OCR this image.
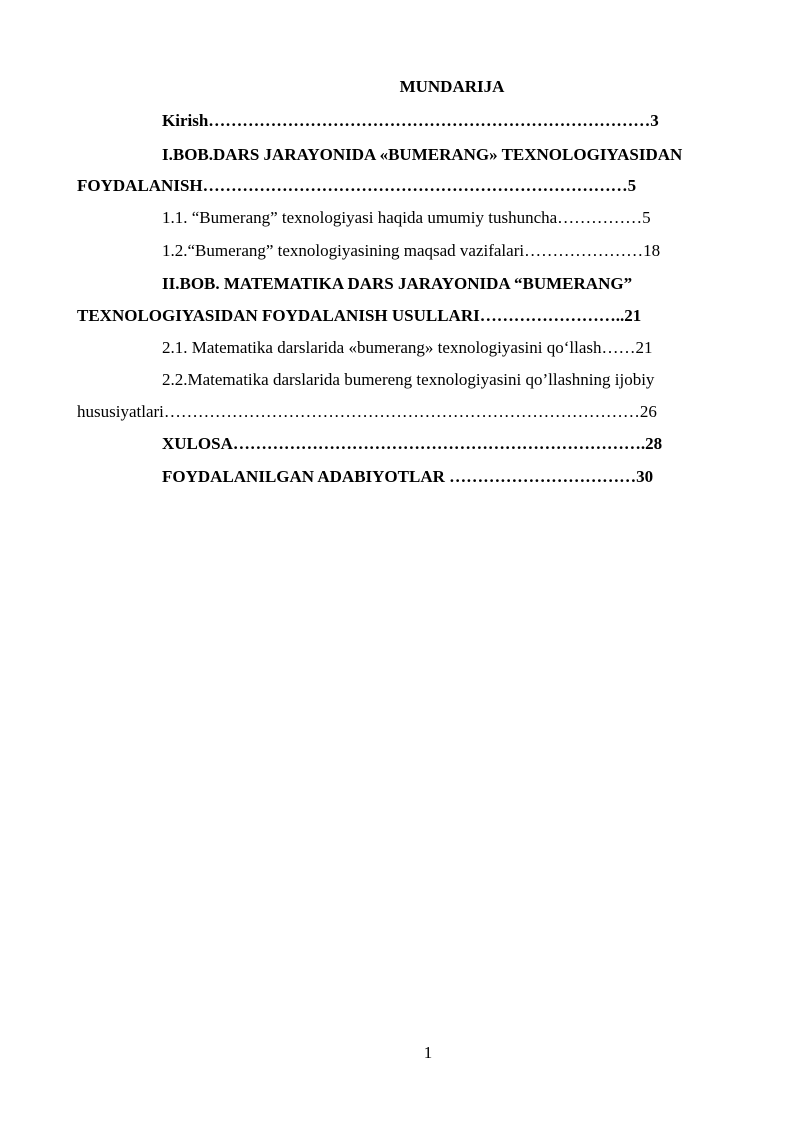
MUNDARIJA
Kirish……………………………………………………………………3
I.BOB.DARS JARAYONIDA «BUMERANG» TEXNOLOGIYASIDAN
FOYDALANISH…………………………………………………………………5
1.1. “Bumerang” texnologiyasi haqida umumiy tushuncha……………5
1.2.“Bumerang” texnologiyasining maqsad vazifalari…………………18
II.BOB. MATEMATIKA DARS JARAYONIDA “BUMERANG”
TEXNOLOGIYASIDAN FOYDALANISH USULLARI……………………..21
2.1. Matematika darslarida «bumerang» texnologiyasini qo‘llash……21
2.2.Matematika darslarida bumereng texnologiyasini qo’llashning ijobiy
hususiyatlari…………………………………………………………………………26
XULOSA……………………………………………………………….28
FOYDALANILGAN ADABIYOTLAR ……………………………30
1
